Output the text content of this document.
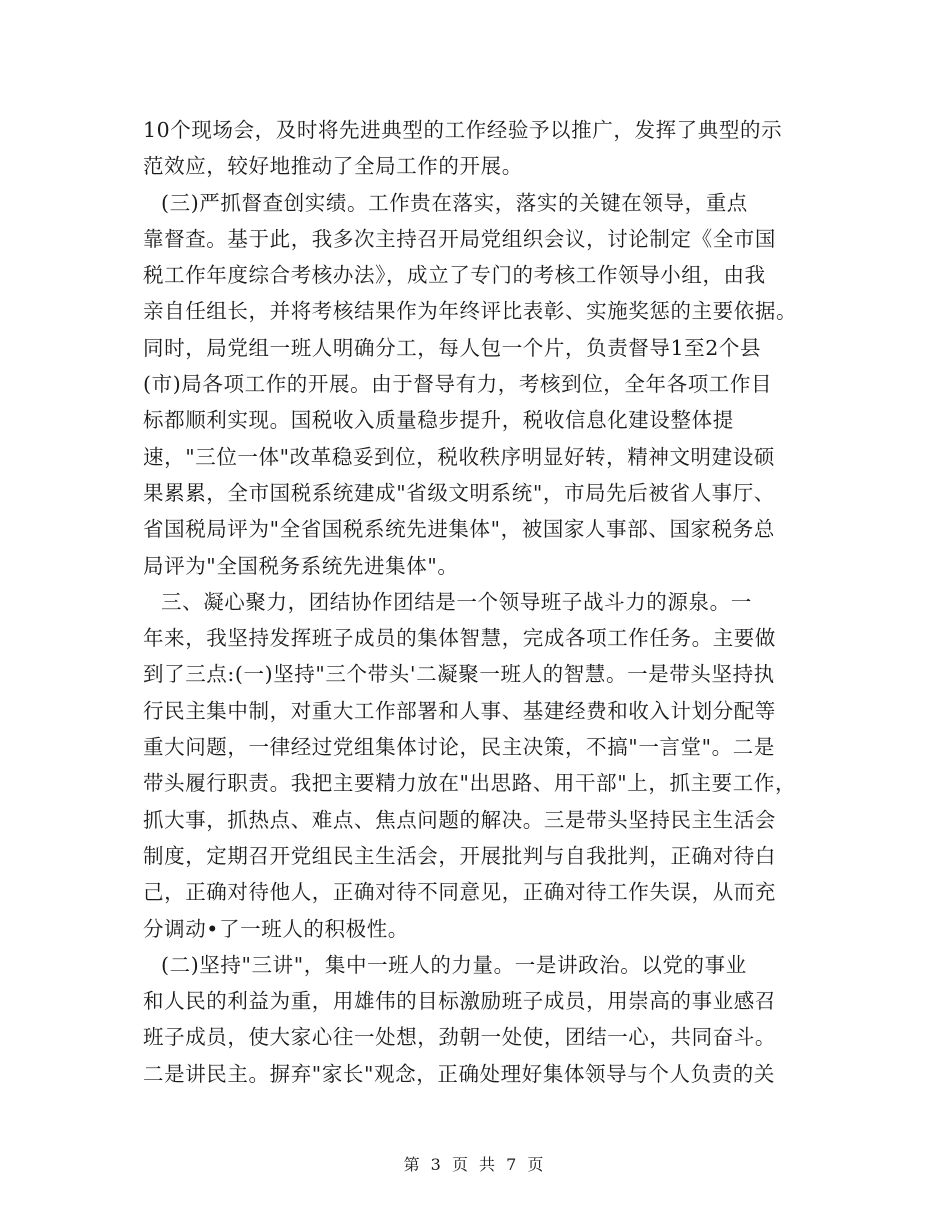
10个现场会，及时将先进典型的工作经验予以推广，发挥了典型的示
范效应，较好地推动了全局工作的开展。
(三)严抓督查创实绩。工作贵在落实，落实的关键在领导，重点
靠督查。基于此，我多次主持召开局党组织会议，讨论制定《全市国
税工作年度综合考核办法》，成立了专门的考核工作领导小组，由我
亲自任组长，并将考核结果作为年终评比表彰、实施奖惩的主要依据。
同时，局党组一班人明确分工，每人包一个片，负责督导1至2个县
(市)局各项工作的开展。由于督导有力，考核到位，全年各项工作目
标都顺利实现。国税收入质量稳步提升，税收信息化建设整体提
速，"三位一体"改革稳妥到位，税收秩序明显好转，精神文明建设硕
果累累，全市国税系统建成"省级文明系统"，市局先后被省人事厅、
省国税局评为"全省国税系统先进集体"，被国家人事部、国家税务总
局评为"全国税务系统先进集体"。
三、凝心聚力，团结协作团结是一个领导班子战斗力的源泉。一
年来，我坚持发挥班子成员的集体智慧，完成各项工作任务。主要做
到了三点:(一)坚持"三个带头'二凝聚一班人的智慧。一是带头坚持执
行民主集中制，对重大工作部署和人事、基建经费和收入计划分配等
重大问题，一律经过党组集体讨论，民主决策，不搞"一言堂"。二是
带头履行职责。我把主要精力放在"出思路、用干部"上，抓主要工作，
抓大事，抓热点、难点、焦点问题的解决。三是带头坚持民主生活会
制度，定期召开党组民主生活会，开展批判与自我批判，正确对待白
己，正确对待他人，正确对待不同意见，正确对待工作失误，从而充
分调动•了一班人的积极性。
(二)坚持"三讲"，集中一班人的力量。一是讲政治。以党的事业
和人民的利益为重，用雄伟的目标激励班子成员，用崇高的事业感召
班子成员，使大家心往一处想，劲朝一处使，团结一心，共同奋斗。
二是讲民主。摒弃"家长"观念，正确处理好集体领导与个人负责的关
第 3 页 共 7 页
